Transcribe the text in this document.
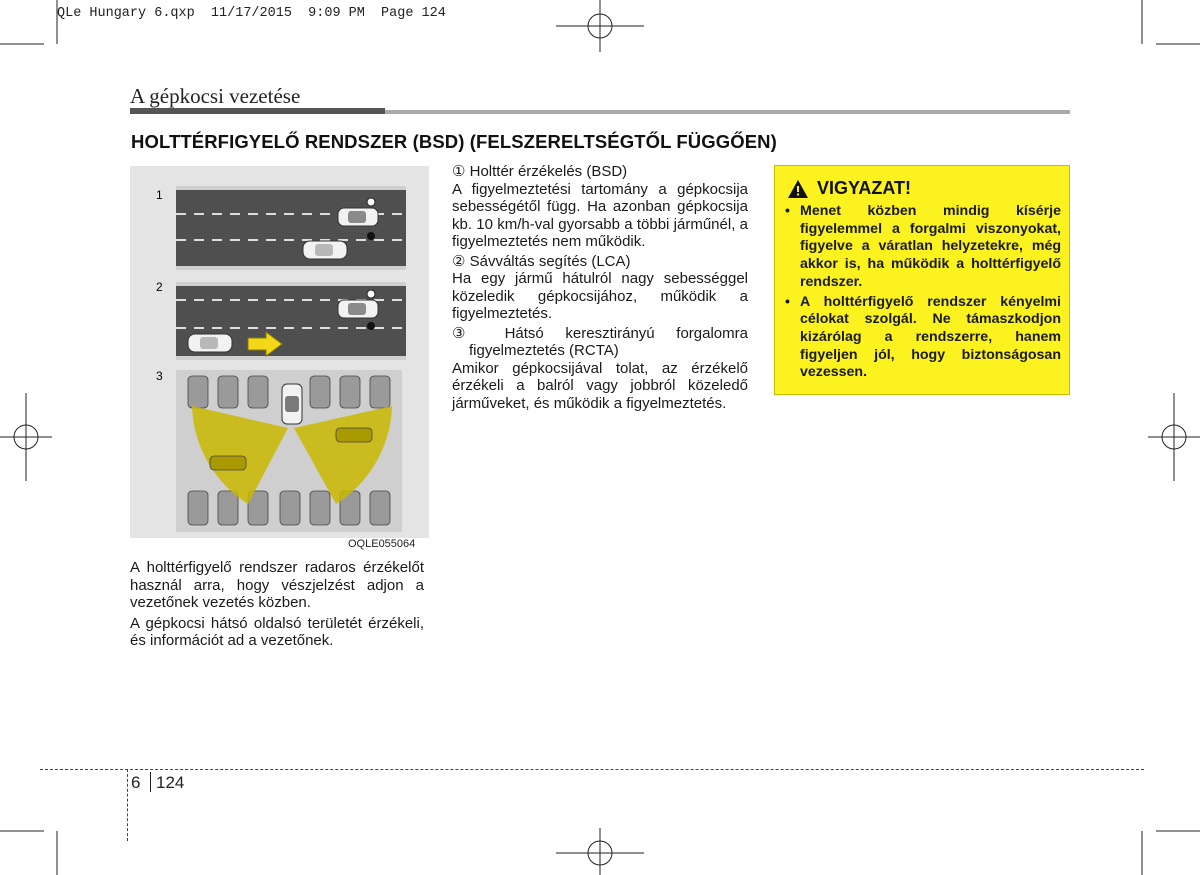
QLe Hungary 6.qxp  11/17/2015  9:09 PM  Page 124
A gépkocsi vezetése
HOLTTÉRFIGYELŐ RENDSZER (BSD) (FELSZERELTSÉGTŐL FÜGGŐEN)
1
2
3
OQLE055064

A holttérfigyelő rendszer radaros érzékelőt használ arra, hogy vészjelzést adjon a vezetőnek vezetés közben.

A gépkocsi hátsó oldalsó területét érzékeli, és információt ad a vezetőnek.

① Holttér érzékelés (BSD)

A figyelmeztetési tartomány a gépkocsija sebességétől függ. Ha azonban gépkocsija kb. 10 km/h-val gyorsabb a többi járműnél, a figyelmeztetés nem működik.

② Sávváltás segítés (LCA)

Ha egy jármű hátulról nagy sebességgel közeledik gépkocsijához, működik a figyelmeztetés.

③ Hátsó keresztirányú forgalomra figyelmeztetés (RCTA)

Amikor gépkocsijával tolat, az érzékelő érzékeli a balról vagy jobbról közeledő járműveket, és működik a figyelmeztetés.

VIGYAZAT!
• Menet közben mindig kísérje figyelemmel a forgalmi viszonyokat, figyelve a váratlan helyzetekre, még akkor is, ha működik a holttérfigyelő rendszer.
• A holttérfigyelő rendszer kényelmi célokat szolgál. Ne támaszkodjon kizárólag a rendszerre, hanem figyeljen jól, hogy biztonságosan vezessen.
6 124
